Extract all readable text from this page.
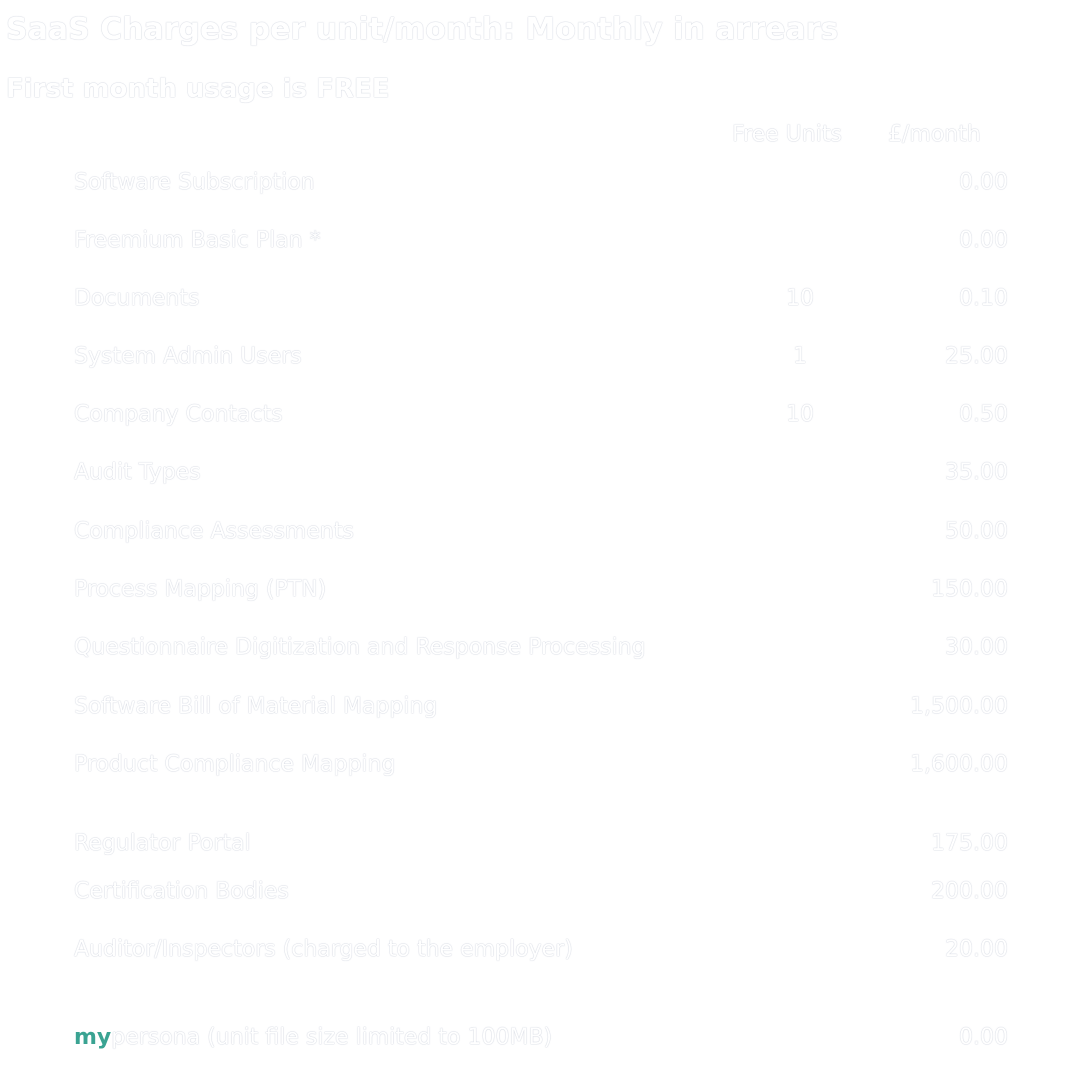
SaaS Charges per unit/month: Monthly in arrears
First month usage is FREE
Free Units £/month
Software Subscription	0.00
Freemium Basic Plan *	0.00
Documents	10	0.10
System Admin Users	1	25.00
Company Contacts	10	0.50
Audit Types	35.00
Compliance Assessments	50.00
Process Mapping (PTN)	150.00
Questionnaire Digitization and Response Processing	30.00
Software Bill of Material Mapping	1,500.00
Product Compliance Mapping	1,600.00
Regulator Portal	175.00
Certification Bodies	200.00
Auditor/Inspectors (charged to the employer)	20.00
mypersona (unit file size limited to 100MB)	0.00
